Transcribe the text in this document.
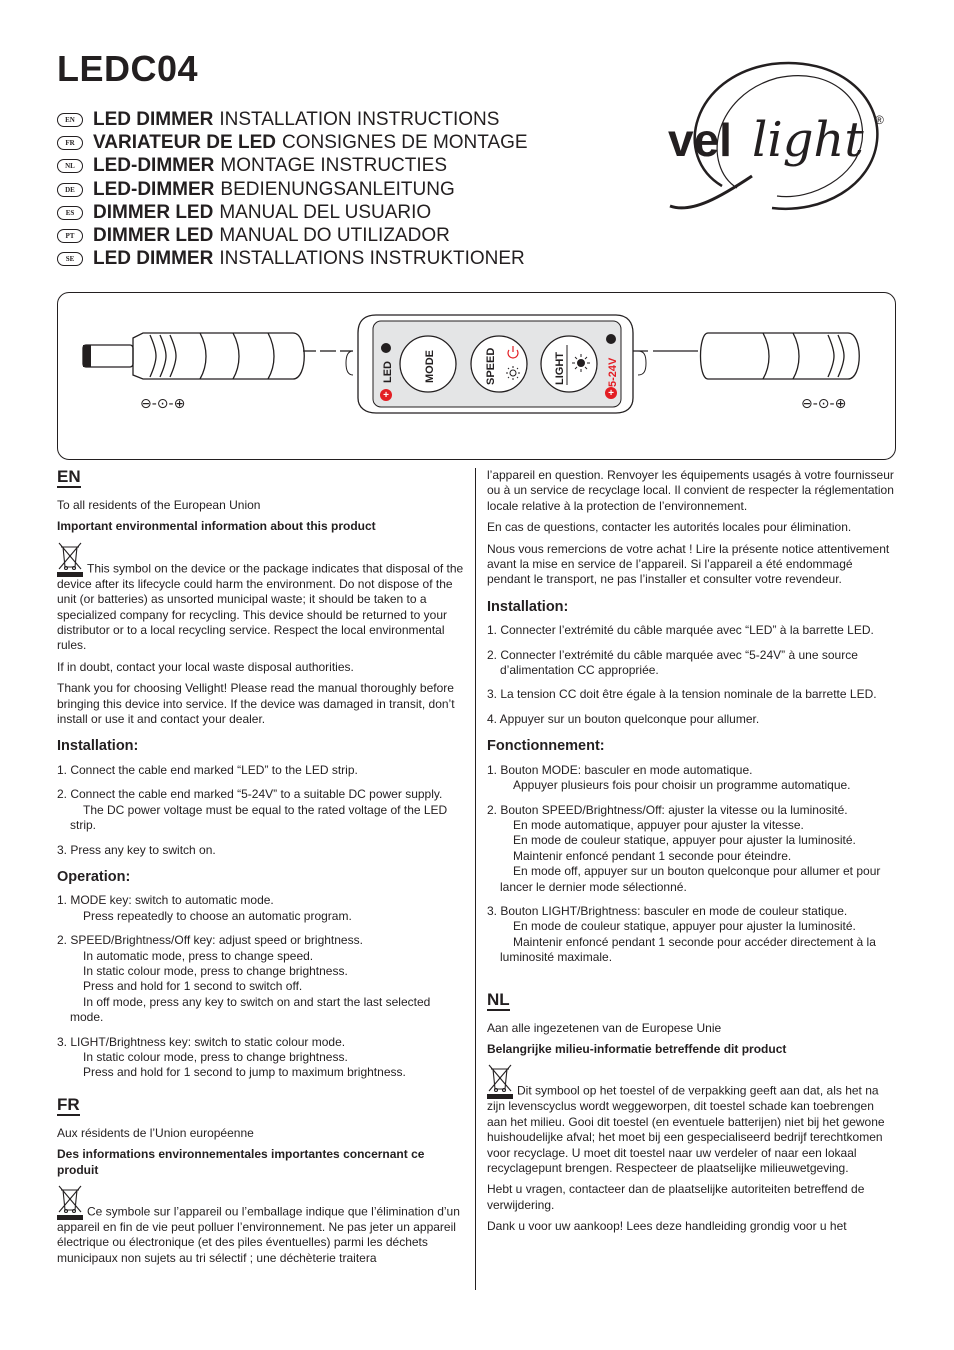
LEDC04
EN LED DIMMER INSTALLATION INSTRUCTIONS
FR VARIATEUR DE LED CONSIGNES DE MONTAGE
NL LED-DIMMER MONTAGE INSTRUCTIES
DE LED-DIMMER BEDIENUNGSANLEITUNG
ES DIMMER LED MANUAL DEL USUARIO
PT DIMMER LED MANUAL DO UTILIZADOR
SE LED DIMMER INSTALLATIONS INSTRUKTIONER
vel light ®
+	+
LED	MODE	SPEED	LIGHT	5-24V
⊖-⊙-⊕	⊖-⊙-⊕
EN

To all residents of the European Union

Important environmental information about this product

This symbol on the device or the package indicates that disposal of the device after its lifecycle could harm the environment. Do not dispose of the unit (or batteries) as unsorted municipal waste; it should be taken to a specialized company for recycling. This device should be returned to your distributor or to a local recycling service. Respect the local environmental rules.

If in doubt, contact your local waste disposal authorities.

Thank you for choosing Vellight! Please read the manual thoroughly before bringing this device into service. If the device was damaged in transit, don’t install or use it and contact your dealer.

Installation:
1. Connect the cable end marked “LED” to the LED strip.
2. Connect the cable end marked “5-24V” to a suitable DC power supply.
The DC power voltage must be equal to the rated voltage of the LED strip.
3. Press any key to switch on.
Operation:
1. MODE key: switch to automatic mode.
Press repeatedly to choose an automatic program.
2. SPEED/Brightness/Off key: adjust speed or brightness.
In automatic mode, press to change speed.
In static colour mode, press to change brightness.
Press and hold for 1 second to switch off.
In off mode, press any key to switch on and start the last selected mode.
3. LIGHT/Brightness key: switch to static colour mode.
In static colour mode, press to change brightness.
Press and hold for 1 second to jump to maximum brightness.
FR

Aux résidents de l’Union européenne

Des informations environnementales importantes concernant ce produit

Ce symbole sur l’appareil ou l’emballage indique que l’élimination d’un appareil en fin de vie peut polluer l’environnement. Ne pas jeter un appareil électrique ou électronique (et des piles éventuelles) parmi les déchets municipaux non sujets au tri sélectif ; une déchèterie traitera

l’appareil en question. Renvoyer les équipements usagés à votre fournisseur ou à un service de recyclage local. Il convient de respecter la réglementation locale relative à la protection de l’environnement.

En cas de questions, contacter les autorités locales pour élimination.

Nous vous remercions de votre achat ! Lire la présente notice attentivement avant la mise en service de l’appareil. Si l’appareil a été endommagé pendant le transport, ne pas l’installer et consulter votre revendeur.

Installation:
1. Connecter l’extrémité du câble marquée avec “LED” à la barrette LED.
2. Connecter l’extrémité du câble marquée avec “5-24V” à une source d’alimentation CC appropriée.
3. La tension CC doit être égale à la tension nominale de la barrette LED.
4. Appuyer sur un bouton quelconque pour allumer.
Fonctionnement:
1. Bouton MODE: basculer en mode automatique.
Appuyer plusieurs fois pour choisir un programme automatique.
2. Bouton SPEED/Brightness/Off: ajuster la vitesse ou la luminosité.
En mode automatique, appuyer pour ajuster la vitesse.
En mode de couleur statique, appuyer pour ajuster la luminosité.
Maintenir enfoncé pendant 1 seconde pour éteindre.
En mode off, appuyer sur un bouton quelconque pour allumer et pour lancer le dernier mode sélectionné.
3. Bouton LIGHT/Brightness: basculer en mode de couleur statique.
En mode de couleur statique, appuyer pour ajuster la luminosité.
Maintenir enfoncé pendant 1 seconde pour accéder directement à la luminosité maximale.
NL

Aan alle ingezetenen van de Europese Unie

Belangrijke milieu-informatie betreffende dit product

Dit symbool op het toestel of de verpakking geeft aan dat, als het na zijn levenscyclus wordt weggeworpen, dit toestel schade kan toebrengen aan het milieu. Gooi dit toestel (en eventuele batterijen) niet bij het gewone huishoudelijke afval; het moet bij een gespecialiseerd bedrijf terechtkomen voor recyclage. U moet dit toestel naar uw verdeler of naar een lokaal recyclagepunt brengen. Respecteer de plaatselijke milieuwetgeving.

Hebt u vragen, contacteer dan de plaatselijke autoriteiten betreffend de verwijdering.

Dank u voor uw aankoop! Lees deze handleiding grondig voor u het
